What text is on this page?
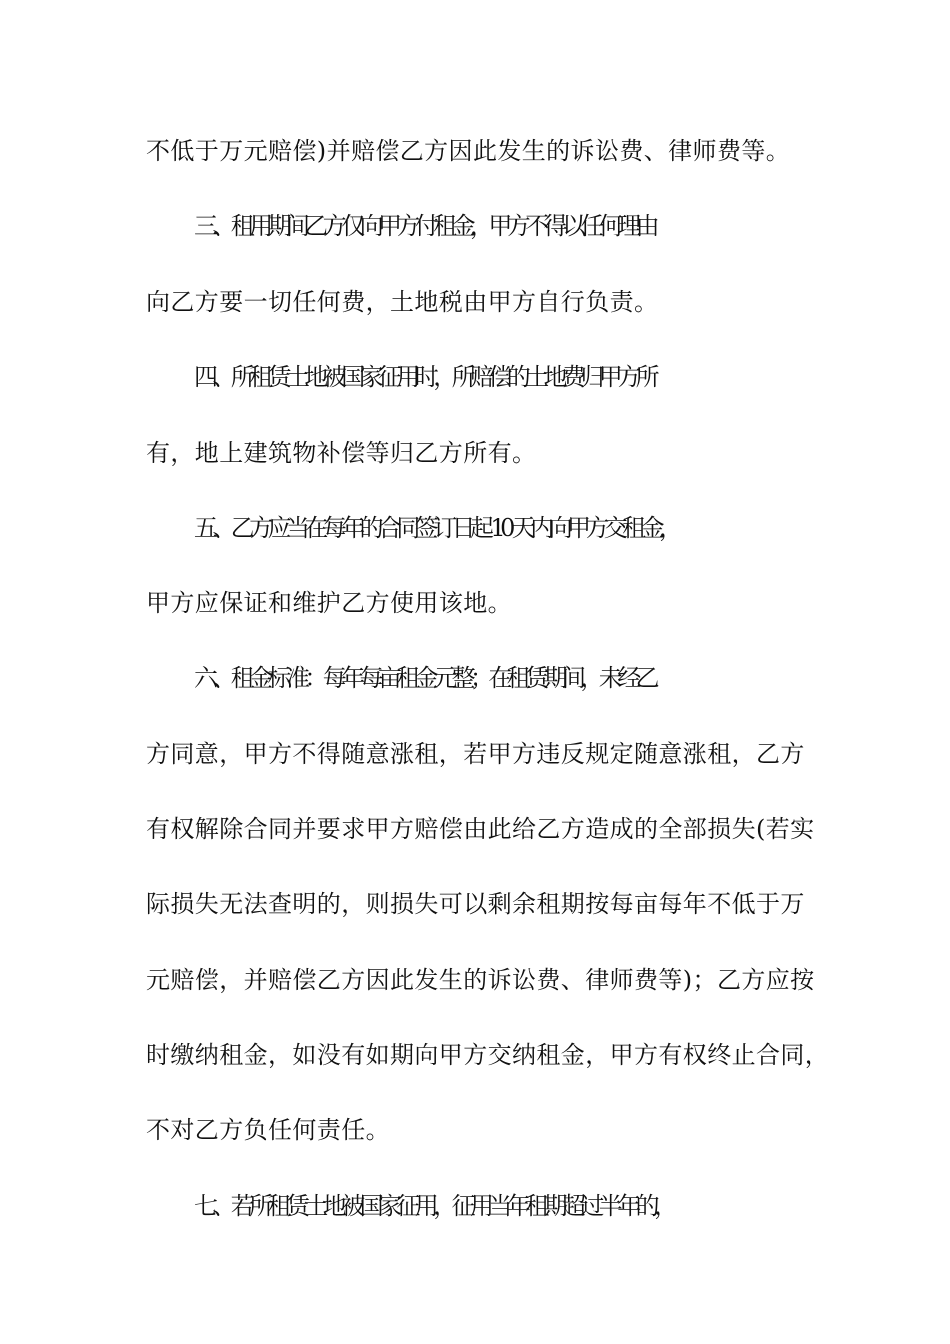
不低于万元赔偿)并赔偿乙方因此发生的诉讼费、律师费等。
三、租用期间乙方仅向甲方付租金，甲方不得以任何理由
向乙方要一切任何费，土地税由甲方自行负责。
四、所租赁土地被国家征用时，所赔偿的土地费归甲方所
有，地上建筑物补偿等归乙方所有。
五、乙方应当在每年的合同签订日起 10 天内向甲方交租金，
甲方应保证和维护乙方使用该地。
六、租金标准：每年每亩租金元整；在租赁期间，未经乙
方同意，甲方不得随意涨租，若甲方违反规定随意涨租，乙方
有权解除合同并要求甲方赔偿由此给乙方造成的全部损失(若实
际损失无法查明的，则损失可以剩余租期按每亩每年不低于万
元赔偿，并赔偿乙方因此发生的诉讼费、律师费等)；乙方应按
时缴纳租金，如没有如期向甲方交纳租金，甲方有权终止合同，
不对乙方负任何责任。
七、若所租赁土地被国家征用，征用当年租期超过半年的，
